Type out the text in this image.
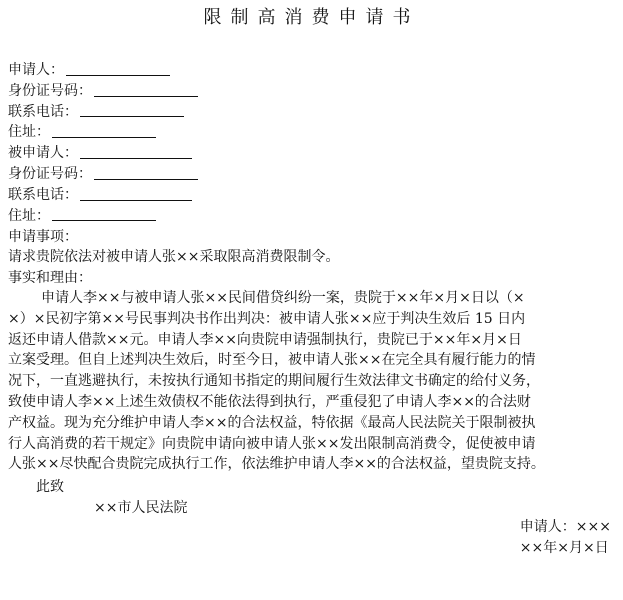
限制高消费申请书
申请人：
身份证号码：
联系电话：
住址：
被申请人：
身份证号码：
联系电话：
住址：
申请事项：
请求贵院依法对被申请人张××采取限高消费限制令。
事实和理由：
申请人李××与被申请人张××民间借贷纠纷一案，贵院于××年×月×日以（×
×）×民初字第××号民事判决书作出判决：被申请人张××应于判决生效后 15 日内
返还申请人借款××元。申请人李××向贵院申请强制执行，贵院已于××年×月×日
立案受理。但自上述判决生效后，时至今日，被申请人张××在完全具有履行能力的情
况下，一直逃避执行，未按执行通知书指定的期间履行生效法律文书确定的给付义务，
致使申请人李××上述生效债权不能依法得到执行，严重侵犯了申请人李××的合法财
产权益。现为充分维护申请人李××的合法权益，特依据《最高人民法院关于限制被执
行人高消费的若干规定》向贵院申请向被申请人张××发出限制高消费令，促使被申请
人张××尽快配合贵院完成执行工作，依法维护申请人李××的合法权益，望贵院支持。
此致
××市人民法院
申请人：×××
××年×月×日
